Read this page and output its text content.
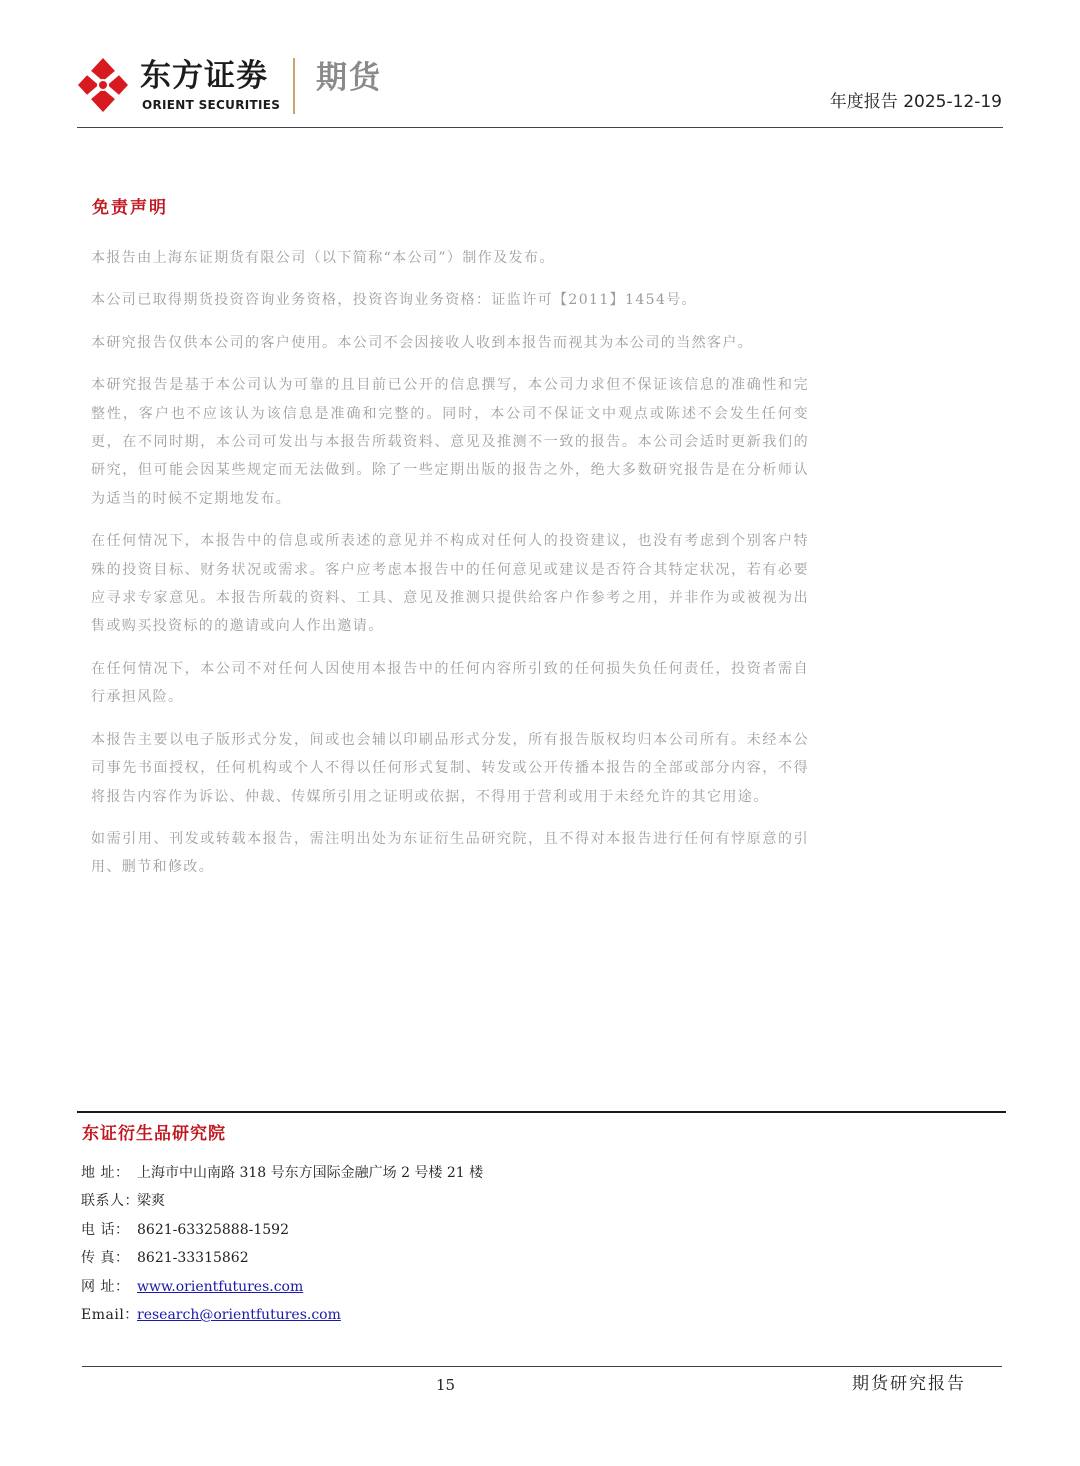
东方证劵
ORIENT SECURITIES
期货
年度报告 2025-12-19
免责声明

本报告由上海东证期货有限公司（以下简称“本公司”）制作及发布。

本公司已取得期货投资咨询业务资格，投资咨询业务资格：证监许可【2011】1454号。

本研究报告仅供本公司的客户使用。本公司不会因接收人收到本报告而视其为本公司的当然客户。

本研究报告是基于本公司认为可靠的且目前已公开的信息撰写，本公司力求但不保证该信息的准确性和完整性，客户也不应该认为该信息是准确和完整的。同时，本公司不保证文中观点或陈述不会发生任何变更，在不同时期，本公司可发出与本报告所载资料、意见及推测不一致的报告。本公司会适时更新我们的研究，但可能会因某些规定而无法做到。除了一些定期出版的报告之外，绝大多数研究报告是在分析师认为适当的时候不定期地发布。

在任何情况下，本报告中的信息或所表述的意见并不构成对任何人的投资建议，也没有考虑到个别客户特殊的投资目标、财务状况或需求。客户应考虑本报告中的任何意见或建议是否符合其特定状况，若有必要应寻求专家意见。本报告所载的资料、工具、意见及推测只提供给客户作参考之用，并非作为或被视为出售或购买投资标的的邀请或向人作出邀请。

在任何情况下，本公司不对任何人因使用本报告中的任何内容所引致的任何损失负任何责任，投资者需自行承担风险。

本报告主要以电子版形式分发，间或也会辅以印刷品形式分发，所有报告版权均归本公司所有。未经本公司事先书面授权，任何机构或个人不得以任何形式复制、转发或公开传播本报告的全部或部分内容，不得将报告内容作为诉讼、仲裁、传媒所引用之证明或依据，不得用于营利或用于未经允许的其它用途。

如需引用、刊发或转载本报告，需注明出处为东证衍生品研究院，且不得对本报告进行任何有悖原意的引用、删节和修改。

东证衍生品研究院
地 址： 上海市中山南路 318 号东方国际金融广场 2 号楼 21 楼
联系人：梁爽
电 话： 8621-63325888-1592
传 真： 8621-33315862
网 址： www.orientfutures.com
Email：research@orientfutures.com
15	期货研究报告
